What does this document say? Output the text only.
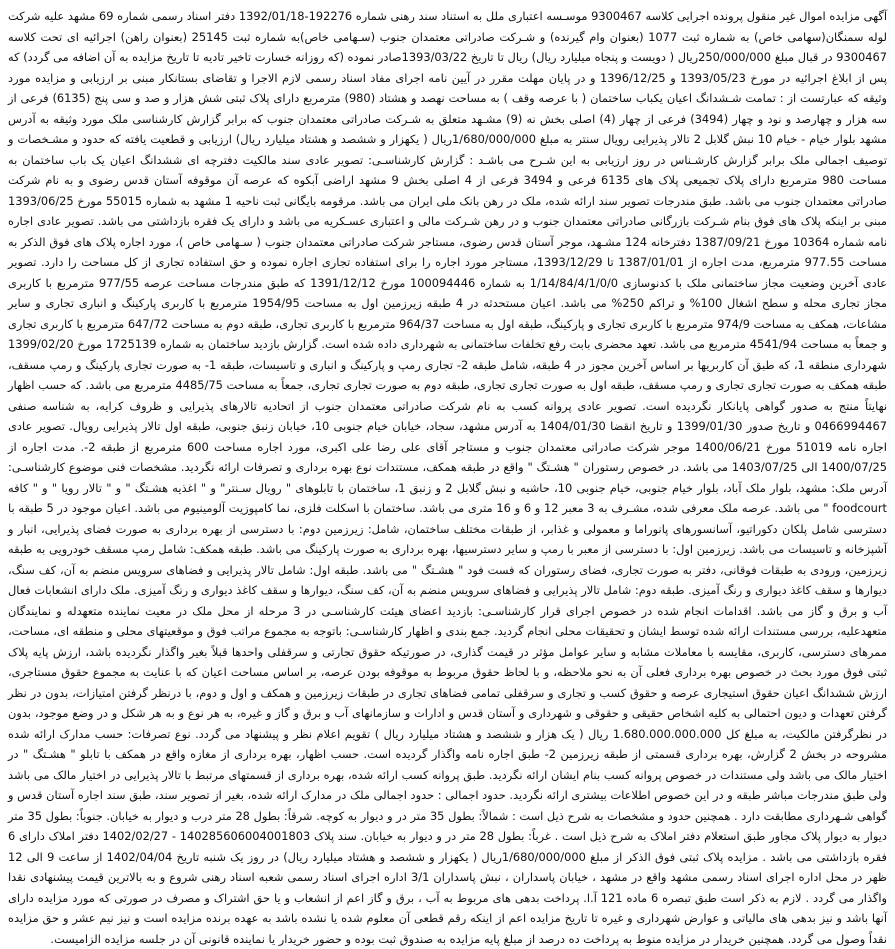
آگهی مزایده اموال غیر منقول پرونده اجرایی کلاسه 9300467 موسـسه اعتباری ملل به استناد سند رهنی شماره 192276-1392/01/18 دفتر اسناد رسمی شماره 69 مشهد علیه شرکت لوله سمنگان(سهامی خاص) به شماره ثبت 1077 (بعنوان وام گیرنده) و شـرکت صادراتی معتمدان جنوب (سـهامی خاص)به شماره ثبت 25145 (بعنوان راهن) اجرائیه ای تحت کلاسه 9300467 در قبال مبلغ 250/000/000ریال ( دویست و پنجاه میلیارد ریال) ریال تا تاریخ 1393/03/22صادر نموده (که روزانه خسارت تاخیر تادیه تا تاریخ مزایده به آن اضافه می گردد) که پس از ابلاغ اجرائیه در مورخ 1393/05/23 و 1396/12/25 و در پایان مهلت مقرر در آیین نامه اجرای مفاد اسناد رسمی لازم الاجرا و تقاضای بستانکار مبنی بر ارزیابی و مزایده مورد وثیقه که عبارتست از : تمامت شـشدانگ اعیان یکباب ساختمان ( با عرصه وقف ) به مساحت نهصد و هشتاد (980) مترمربع دارای پلاک ثبتی شش هزار و صد و سی پنج (6135) فرعی از سه هزار و چهارصد و نود و چهار (3494) فرعی از چهار (4) اصلی بخش نه (9) مشـهد متعلق به شـرکت صادراتی معتمدان جنوب که برابر گزارش کارشناسی ملک مورد وثیقه به آدرس مشهد بلوار خیام - خیام 10 نبش گلابل 2 تالار پذیرایی رویال سنتر به مبلغ 1/680/000/000ریال ( یکهزار و ششصد و هشتاد میلیارد ریال) ارزیابی و قطعیت یافته که حدود و مشـخصات و توصیف اجمالی ملک برابر گزارش کارشـناس در روز ارزیابی به این شـرح می باشـد : گزارش کارشناسـی: تصویر عادی سند مالکیت دفترچه ای ششدانگ اعیان یک باب ساختمان به مساحت 980 مترمربع دارای پلاک تجمیعی پلاک های 6135 فرعی و 3494 فرعی از 4 اصلی بخش 9 مشهد اراضی آبکوه که عرصه آن موقوفه آستان قدس رضوی و به نام شرکت صادراتی معتمدان جنوب می باشد. طبق مندرجات تصویر سند ارائه شده، ملک در رهن بانک ملی ایران می باشد. مرقومه بایگانی ثبت ناحیه 1 مشهد به شماره 55015 مورخ 1393/06/25 مبنی بر اینکه پلاک های فوق بنام شـرکت بازرگانی صادراتی معتمدان جنوب و در رهن شـرکت مالی و اعتباری عسـکریه می باشد و دارای یک فقره بازداشتی می باشد. تصویر عادی اجاره نامه شماره 10364 مورخ 1387/09/21 دفترخانه 124 مشـهد، موجر آستان قدس رضوی، مستاجر شرکت صادراتی معتمدان جنوب ( سـهامی خاص )، مورد اجاره پلاک های فوق الذکر به مساحت 977.55 مترمربع، مدت اجاره از 1387/01/01 تا 1393/12/29، مستاجر مورد اجاره را برای استفاده تجاری اجاره نموده و حق استفاده تجاری از کل مساحت را دارد. تصویر عادی آخرین وضعیت مجاز ساختمانی ملک با کدنوسازی 1/14/84/4/1/0/0 به شماره 100094446 مورخ 1391/12/12 که طبق مندرجات مساحت عرصه 977/55 مترمربع با کاربری مجاز تجاری محله و سطح اشغال 100% و تراکم 250% می باشد. اعیان مستحدثه در 4 طبقه زیرزمین اول به مساحت 1954/95 مترمربع با کاربری پارکینگ و انباری تجاری و سایر مشاعات، همکف به مساحت 974/9 مترمربع با کاربری تجاری و پارکینگ، طبقه اول به مساحت 964/37 مترمربع با کاربری تجاری، طبقه دوم به مساحت 647/72 مترمربع با کاربری تجاری و جمعاً به مساحت 4541/94 مترمربع می باشد. تعهد محضری بابت رفع تخلفات ساختمانی به شهرداری داده شده است. گزارش بازدید ساختمان به شماره 1725139 مورخ 1399/02/20 شهرداری منطقه 1، که طبق آن کاربریها بر اساس آخرین مجوز در 4 طبقه، شامل طبقه 2- تجاری رمپ و پارکینگ و انباری و تاسیسات، طبقه 1- به صورت تجاری پارکینگ و رمپ مسقف، طبقه همکف به صورت تجاری تجاری و رمپ مسقف، طبقه اول به صورت تجاری تجاری، طبقه دوم به صورت تجاری تجاری، جمعاً به مساحت 4485/75 مترمربع می باشد. که حسب اظهار نهایتاً منتج به صدور گواهی پایانکار نگردیده است. تصویر عادی پروانه کسب به نام شرکت صادراتی معتمدان جنوب از اتحادیه تالارهای پذیرایی و ظروف کرایه، به شناسه صنفی 0466994467 و تاریخ صدور 1399/01/30 و تاریخ انقضا 1404/01/30 به آدرس مشهد، سجاد، خیابان خیام جنوبی 10، خیابان زنبق جنوبی، طبقه اول تالار پذیرایی رویال. تصویر عادی اجاره نامه 51019 مورخ 1400/06/21 موجر شرکت صادراتی معتمدان جنوب و مستاجر آقای علی رضا علی اکبری، مورد اجاره مساحت 600 مترمربع از طبقه 2-. مدت اجاره از 1400/07/25 الی 1403/07/25 می باشد. در خصوص رستوران " هشـتگ " واقع در طبقه همکف، مستندات نوع بهره برداری و تصرفات ارائه نگردید. مشخصات فنی موضوع کارشناسـی: آدرس ملک: مشهد، بلوار ملک آباد، بلوار خیام جنوبی، خیام جنوبی 10، حاشیه و نبش گلابل 2 و زنبق 1، ساختمان با تابلوهای " رویال سـنتر" و " اغذیه هشـتگ " و " تالار رویا " و " کافه foodcourt " می باشد. عرصه ملک معرفی شده، مشـرف به 3 معبر 12 و 6 و 16 متری می باشد. ساختمان با اسکلت فلزی، نما کامپوزیت آلومینیوم می باشد. اعیان موجود در 5 طبقه با دسترسی شامل پلکان دکوراتیو، آسانسورهای پانوراما و معمولی و غذابر، از طبقات مختلف ساختمان، شامل: زیرزمین دوم: با دسترسی از بهره برداری به صورت فضای پذیرایی، انبار و آشپزخانه و تاسیسات می باشد. زیرزمین اول: با دسترسی از معبر با رمپ و سایر دسترسیها، بهره برداری به صورت پارکینگ می باشد. طبقه همکف: شامل رمپ مسقف خودرویی به طبقه زیرزمین، ورودی به طبقات فوقانی، دفتر به صورت تجاری، فضای رستوران که فست فود " هشـتگ " می باشد. طبقه اول: شامل تالار پذیرایی و فضاهای سرویس منضم به آن، کف سنگ، دیوارها و سقف کاغذ دیواری و رنگ آمیزی. طبقه دوم: شامل تالار پذیرایی و فضاهای سرویس منضم به آن، کف سنگ، دیوارها و سقف کاغذ دیواری و رنگ آمیزی. ملک دارای انشعابات فعال آب و برق و گاز می باشد. اقدامات انجام شده در خصوص اجرای قرار کارشناسـی: بازدید اعضای هیئت کارشناسـی در 3 مرحله از محل ملک در معیت نماینده متعهدله و نمایندگان متعهدعلیه، بررسی مستندات ارائه شده توسط ایشان و تحقیقات محلی انجام گردید. جمع بندی و اظهار کارشناسـی: باتوجه به مجموع مراتب فوق و موقعیتهای محلی و منطقه ای، مساحت، ممرهای دسترسی، کاربری، مقایسه با معاملات مشابه و سایر عوامل مؤثر در قیمت گذاری، در صورتیکه حقوق تجارتی و سرقفلی واحدها قبلاً بغیر واگذار نگردیده باشد، ارزش پایه پلاک ثبتی فوق مورد بحث در خصوص بهره برداری فعلی آن به نحو ملاحظه، و با لحاظ حقوق مربوط به موقوفه بودن عرصه، بر اساس مساحت اعیان که با عنایت به مجموع حقوق مستاجری، ارزش ششدانگ اعیان حقوق استیجاری عرصه و حقوق کسب و تجاری و سرقفلی تمامی فضاهای تجاری در طبقات زیرزمین و همکف و اول و دوم، با درنظر گرفتن امتیازات، بدون در نظر گرفتن تعهدات و دیون احتمالی به کلیه اشخاص حقیقی و حقوقی و شهرداری و آستان قدس و ادارات و سازمانهای آب و برق و گاز و غیره، به هر نوع و به هر شکل و در وضع موجود، بدون در نظرگرفتن مالکیت، به مبلغ کل 1.680.000.000.000 ریال ( یک هزار و ششصد و هشتاد میلیارد ریال ) تقویم اعلام نظر و پیشنهاد می گردد. نوع تصرفات: حسب مدارک ارائه شده مشروحه در بخش 2 گزارش، بهره برداری قسمتی از طبقه زیرزمین 2- طبق اجاره نامه واگذار گردیده است. حسب اظهار، بهره برداری از مغازه واقع در همکف با تابلو " هشـتگ " در اختیار مالک می باشد ولی مستندات در خصوص پروانه کسب بنام ایشان ارائه نگردید. طبق پروانه کسب ارائه شده، بهره برداری از قسمتهای مرتبط با تالار پذیرایی در اختیار مالک می باشد ولی طبق مندرجات مباشر طبقه و در این خصوص اطلاعات بیشتری ارائه نگردید. حدود اجمالی : حدود اجمالی ملک در مدارک ارائه شده، بغیر از تصویر سند، طبق سند اجاره آستان قدس و گواهی شـهرداری مطابقت دارد . همچنین حدود و مشخصات به شرح ذیل است : شمالاً: بطول 35 متر در و دیوار به کوچه. شرقاً: بطول 28 متر درب و دیوار به خیابان. جنوباً: بطول 35 متر دیوار به دیوار پلاک مجاور طبق استعلام دفتر املاک به شرح ذیل است . غرباً: بطول 28 متر در و دیوار به خیابان. سند پلاک 140285606004001803 - 1402/02/27 دفتر املاک دارای 6 فقره بازداشتی می باشد . مزایده پلاک ثبتی فوق الذکر از مبلغ 1/680/000/000ریال ( یکهزار و ششصد و هشتاد میلیارد ریال) در روز یک شنبه تاریخ 1402/04/04 از ساعت 9 الی 12 ظهر در محل اداره اجرای اسناد رسمی مشهد واقع در مشهد ، خیابان پاسداران ، نبش پاسداران 3/1 اداره اجرای اسناد رسمی شعبه اسناد رهنی شروع و به بالاترین قیمت پیشنهادی نقدا واگذار می گردد . لازم به ذکر است طبق تبصره 6 ماده 121 آ.ا. پرداخت بدهی های مربوط به آب ، برق و گاز اعم از انشعاب و یا حق اشتراک و مصرف در صورتی که مورد مزایده دارای آنها باشد و نیز بدهی های مالیاتی و عوارض شهرداری و غیره تا تاریخ مزایده اعم از اینکه رقم قطعی آن معلوم شده یا نشده باشد به عهده برنده مزایده است و نیز نیم عشر و حق مزایده نقداً وصول می گردد. همچنین خریدار در مزایده منوط به پرداخت ده درصد از مبلغ پایه مزایده به صندوق ثبت بوده و حضور خریدار یا نماینده قانونی آن در جلسه مزایده الزامیست.
